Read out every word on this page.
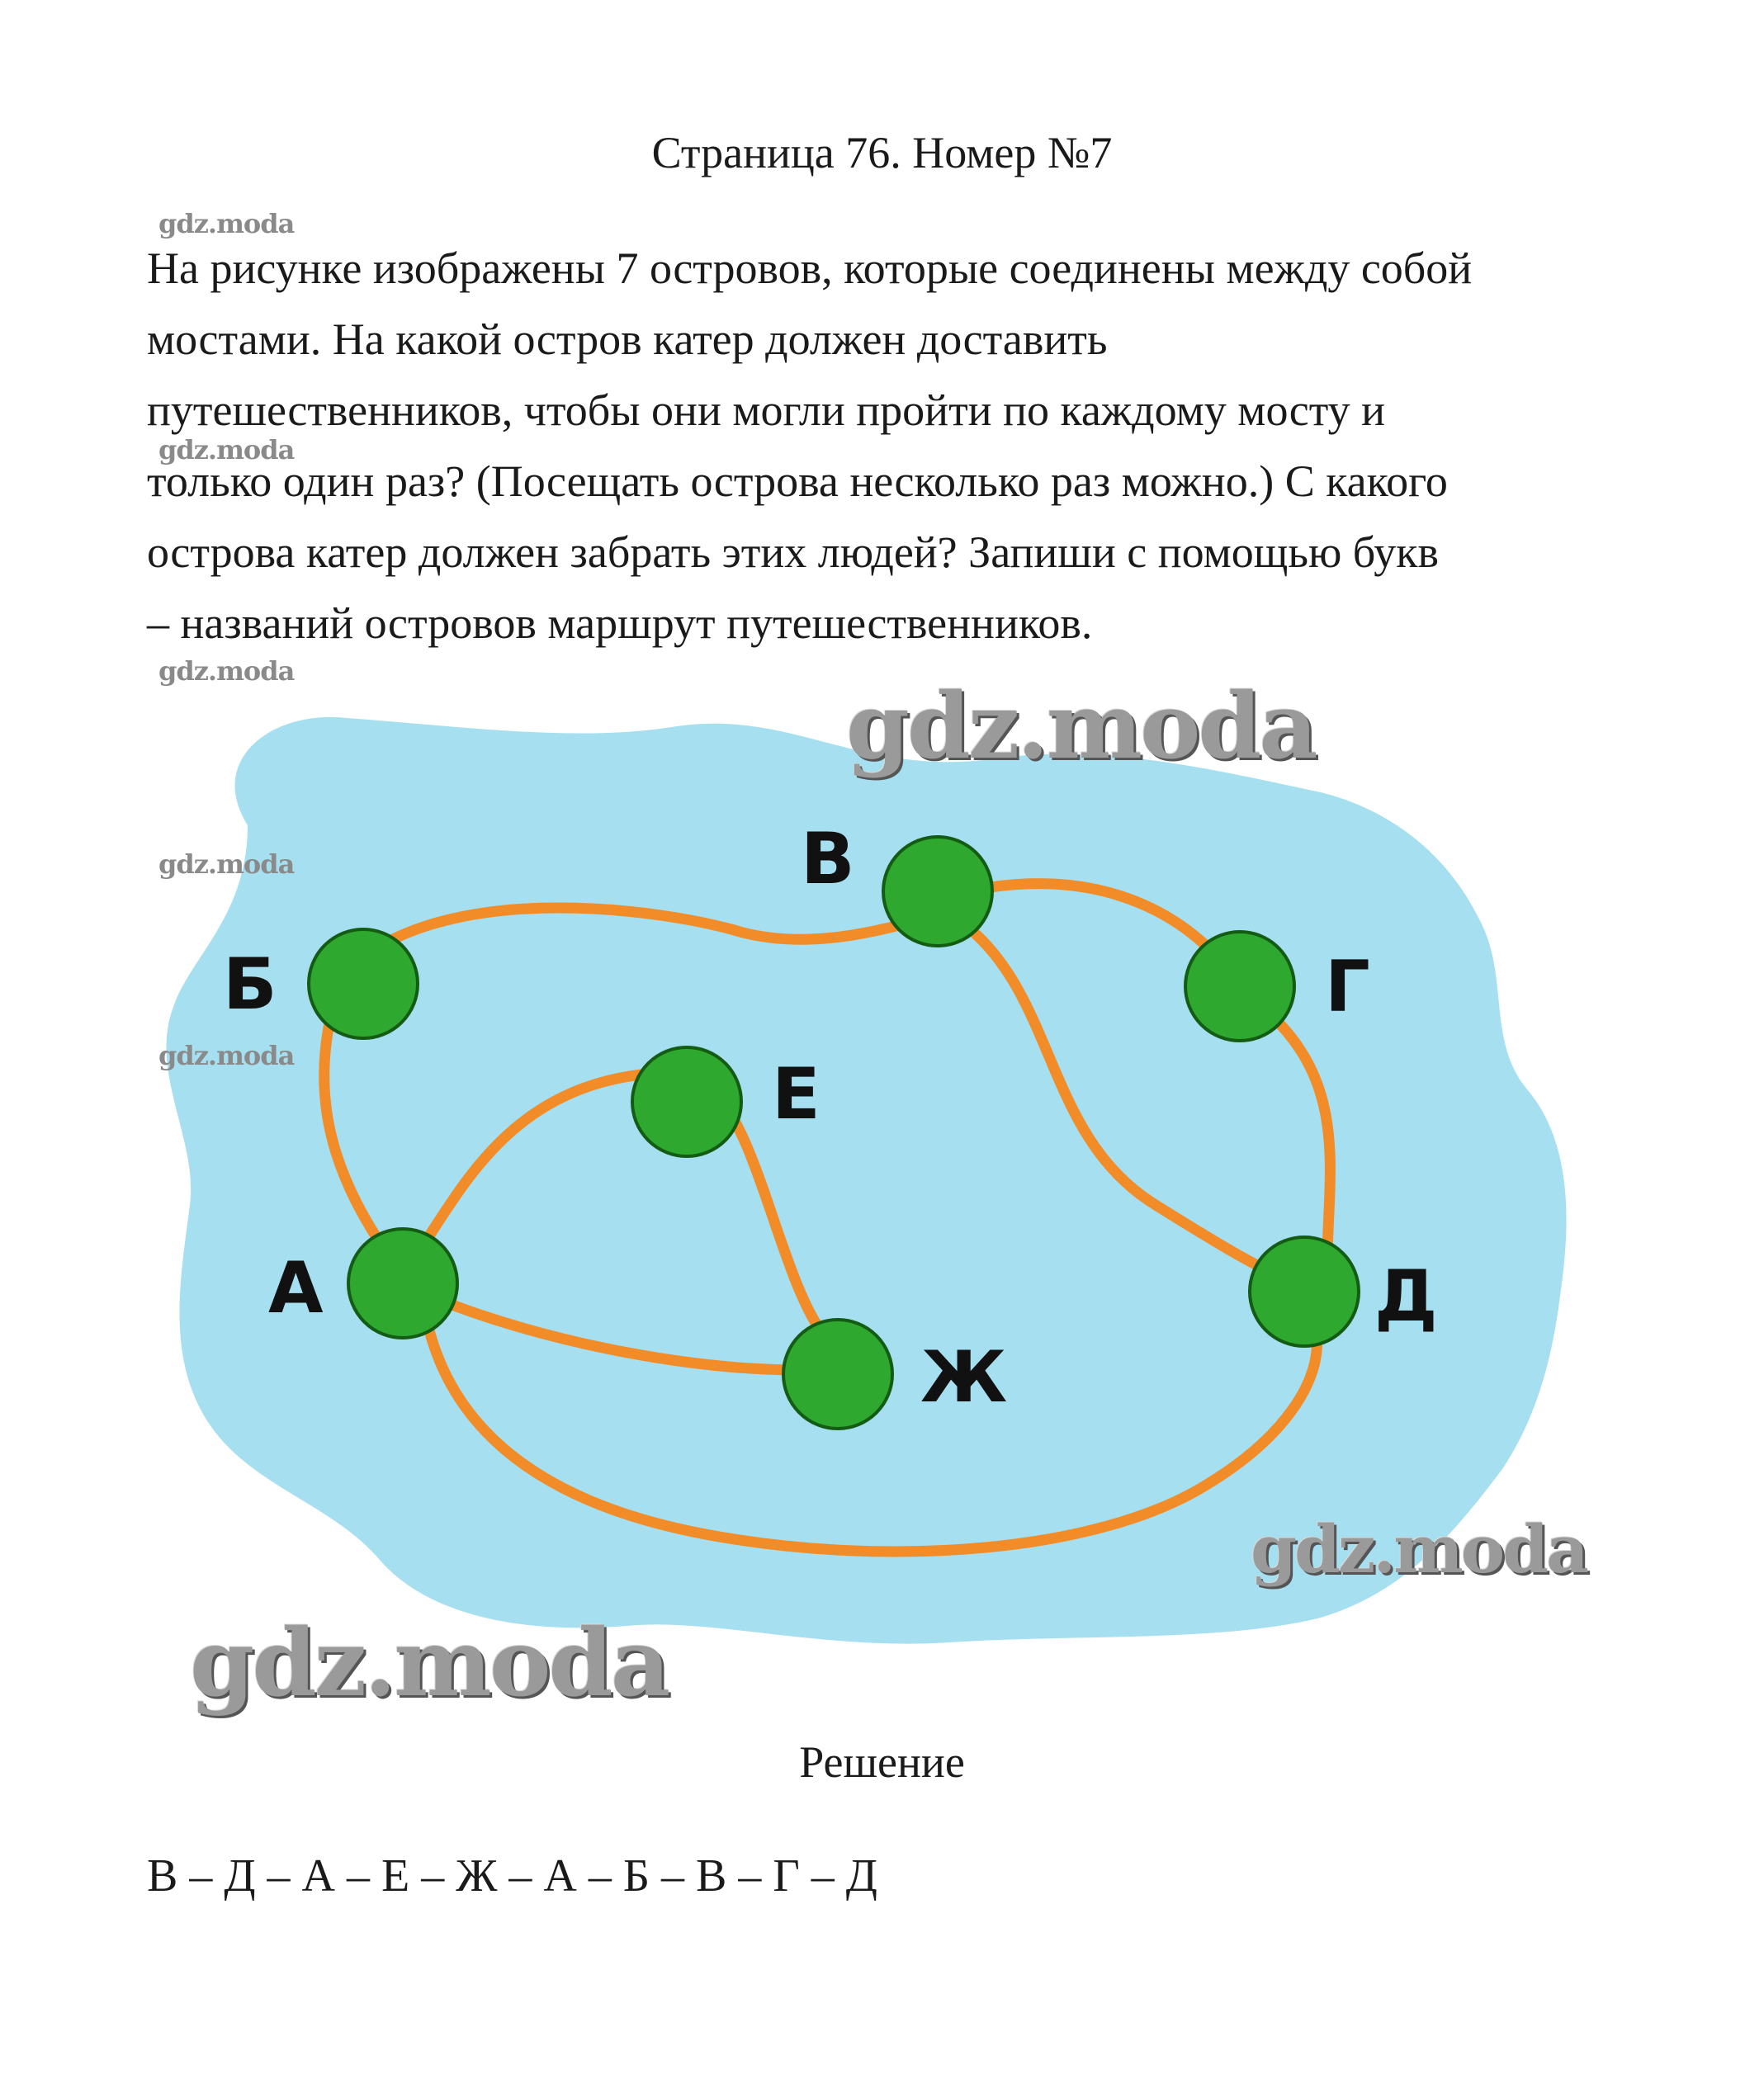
Страница 76. Номер №7
На рисунке изображены 7 островов, которые соединены между собой
мостами. На какой остров катер должен доставить
путешественников, чтобы они могли пройти по каждому мосту и
только один раз? (Посещать острова несколько раз можно.) С какого
острова катер должен забрать этих людей? Запиши с помощью букв
– названий островов маршрут путешественников.
Б
В
Г
Е
А	Д
Ж
gdz.moda
gdz.moda
gdz.moda
gdz.moda
gdz.moda
gdz.moda
gdz.moda
gdz.moda
Решение
В – Д – А – Е – Ж – А – Б – В – Г – Д
